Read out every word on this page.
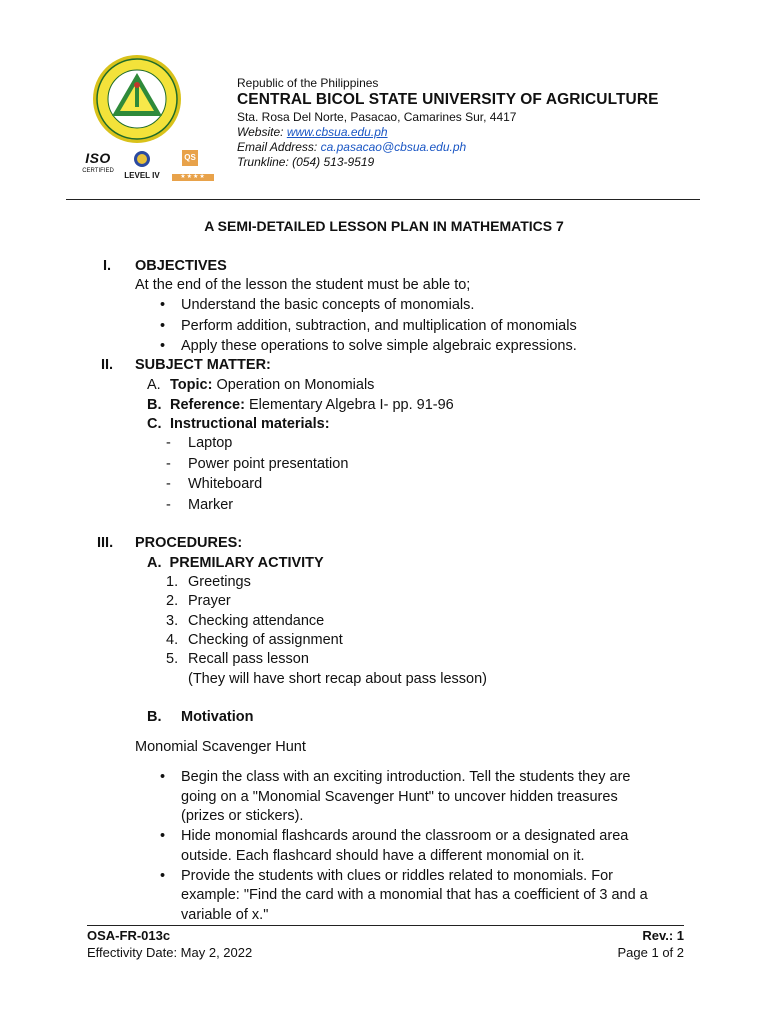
ISO
CERTIFIED LEVEL IV
QS
★★★★
Republic of the Philippines
CENTRAL BICOL STATE UNIVERSITY OF AGRICULTURE
Sta. Rosa Del Norte, Pasacao, Camarines Sur, 4417
Website: www.cbsua.edu.ph
Email Address: ca.pasacao@cbsua.edu.ph
Trunkline: (054) 513-9519
A SEMI-DETAILED LESSON PLAN IN MATHEMATICS 7
I. OBJECTIVES
At the end of the lesson the student must be able to;
• Understand the basic concepts of monomials.
• Perform addition, subtraction, and multiplication of monomials
• Apply these operations to solve simple algebraic expressions.
II. SUBJECT MATTER:
A. Topic: Operation on Monomials
B. Reference: Elementary Algebra I- pp. 91-96
C. Instructional materials:
- Laptop
- Power point presentation
- Whiteboard
- Marker
III. PROCEDURES:
A.  PREMILARY ACTIVITY
1. Greetings
2. Prayer
3. Checking attendance
4. Checking of assignment
5. Recall pass lesson
(They will have short recap about pass lesson)
B. Motivation
Monomial Scavenger Hunt
• Begin the class with an exciting introduction. Tell the students they are
going on a "Monomial Scavenger Hunt" to uncover hidden treasures
(prizes or stickers).
• Hide monomial flashcards around the classroom or a designated area
outside. Each flashcard should have a different monomial on it.
• Provide the students with clues or riddles related to monomials. For
example: "Find the card with a monomial that has a coefficient of 3 and a
variable of x."
OSA-FR-013c
Effectivity Date: May 2, 2022
Rev.: 1
Page 1 of 2
